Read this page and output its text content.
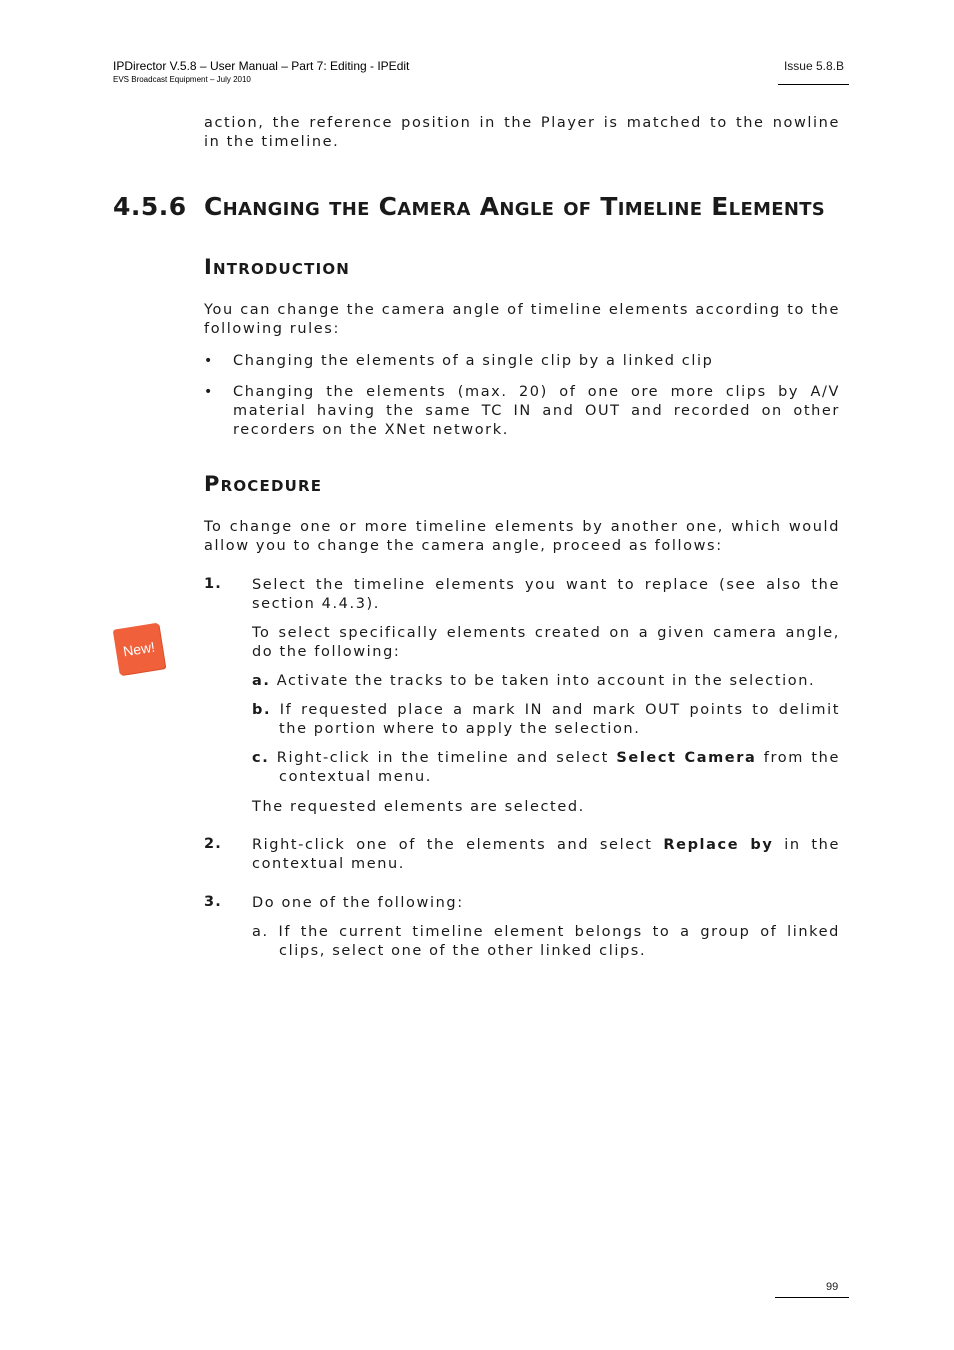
IPDirector V.5.8 – User Manual – Part 7: Editing - IPEdit
EVS Broadcast Equipment – July 2010
Issue 5.8.B
action, the reference position in the Player is matched to the nowline in the timeline.
4.5.6 Changing the Camera Angle of Timeline Elements
Introduction
You can change the camera angle of timeline elements according to the following rules:
• Changing the elements of a single clip by a linked clip
• Changing the elements (max. 20) of one ore more clips by A/V material having the same TC IN and OUT and recorded on other recorders on the XNet network.
Procedure
To change one or more timeline elements by another one, which would allow you to change the camera angle, proceed as follows:
1. Select the timeline elements you want to replace (see also the section 4.4.3).
New!
To select specifically elements created on a given camera angle, do the following:
a. Activate the tracks to be taken into account in the selection.
b. If requested place a mark IN and mark OUT points to delimit the portion where to apply the selection.
c. Right-click in the timeline and select Select Camera from the contextual menu.
The requested elements are selected.
2. Right-click one of the elements and select Replace by in the contextual menu.
3. Do one of the following:
a. If the current timeline element belongs to a group of linked clips, select one of the other linked clips.
99
